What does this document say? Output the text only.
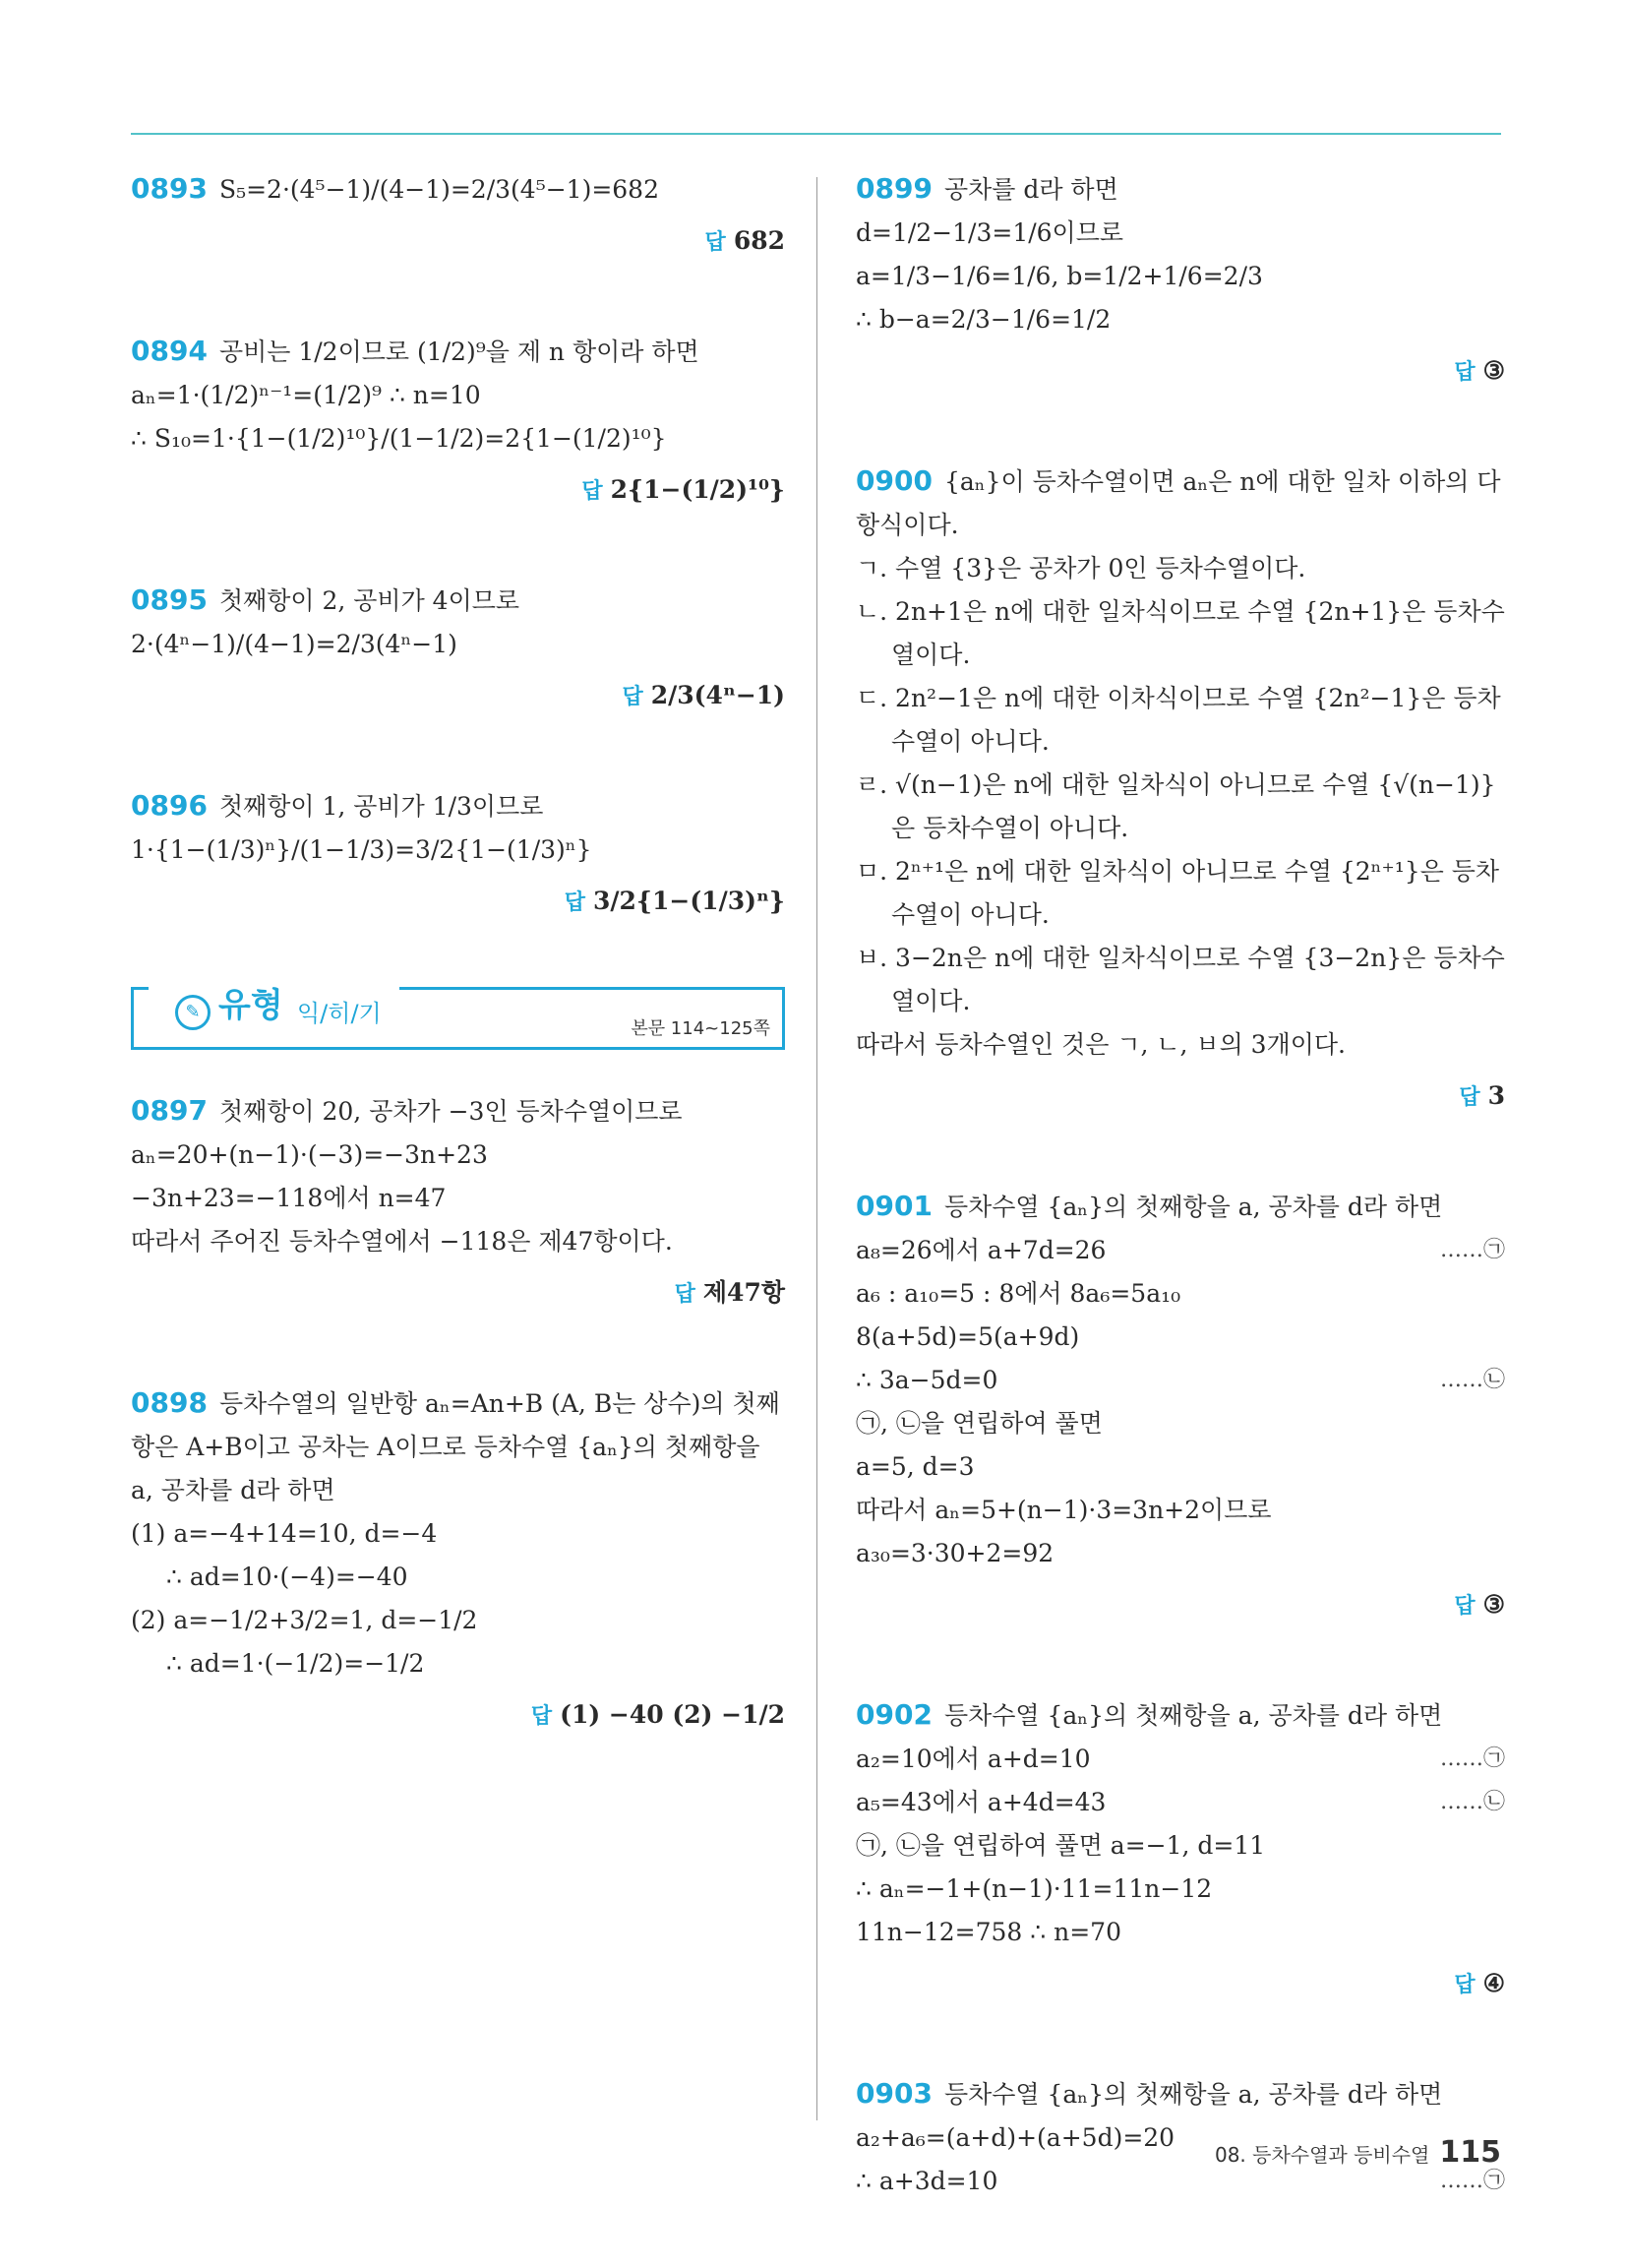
0893 S₅=2·(4⁵−1)/(4−1)=2/3(4⁵−1)=682
답 682
0894 공비는 1/2이므로 (1/2)⁹을 제 n 항이라 하면
aₙ=1·(1/2)ⁿ⁻¹=(1/2)⁹ ∴ n=10
∴ S₁₀=1·{1−(1/2)¹⁰}/(1−1/2)=2{1−(1/2)¹⁰}
답 2{1−(1/2)¹⁰}
0895 첫째항이 2, 공비가 4이므로
2·(4ⁿ−1)/(4−1)=2/3(4ⁿ−1)
답 2/3(4ⁿ−1)
0896 첫째항이 1, 공비가 1/3이므로
1·{1−(1/3)ⁿ}/(1−1/3)=3/2{1−(1/3)ⁿ}
답 3/2{1−(1/3)ⁿ}
✎ 유형 익/히/기
본문 114~125쪽
0897 첫째항이 20, 공차가 −3인 등차수열이므로
aₙ=20+(n−1)·(−3)=−3n+23
−3n+23=−118에서 n=47
따라서 주어진 등차수열에서 −118은 제47항이다.
답 제47항
0898 등차수열의 일반항 aₙ=An+B (A, B는 상수)의 첫째항은 A+B이고 공차는 A이므로 등차수열 {aₙ}의 첫째항을 a, 공차를 d라 하면
(1) a=−4+14=10, d=−4
∴ ad=10·(−4)=−40
(2) a=−1/2+3/2=1, d=−1/2
∴ ad=1·(−1/2)=−1/2
답 (1) −40 (2) −1/2
0899 공차를 d라 하면
d=1/2−1/3=1/6이므로
a=1/3−1/6=1/6, b=1/2+1/6=2/3
∴ b−a=2/3−1/6=1/2
답 ③
0900 {aₙ}이 등차수열이면 aₙ은 n에 대한 일차 이하의 다항식이다.
ㄱ. 수열 {3}은 공차가 0인 등차수열이다.
ㄴ. 2n+1은 n에 대한 일차식이므로 수열 {2n+1}은 등차수열이다.
ㄷ. 2n²−1은 n에 대한 이차식이므로 수열 {2n²−1}은 등차수열이 아니다.
ㄹ. √(n−1)은 n에 대한 일차식이 아니므로 수열 {√(n−1)}은 등차수열이 아니다.
ㅁ. 2ⁿ⁺¹은 n에 대한 일차식이 아니므로 수열 {2ⁿ⁺¹}은 등차수열이 아니다.
ㅂ. 3−2n은 n에 대한 일차식이므로 수열 {3−2n}은 등차수열이다.
따라서 등차수열인 것은 ㄱ, ㄴ, ㅂ의 3개이다.
답 3
0901 등차수열 {aₙ}의 첫째항을 a, 공차를 d라 하면
a₈=26에서 a+7d=26	……㉠
a₆ : a₁₀=5 : 8에서 8a₆=5a₁₀
8(a+5d)=5(a+9d)
∴ 3a−5d=0	……㉡
㉠, ㉡을 연립하여 풀면
a=5, d=3
따라서 aₙ=5+(n−1)·3=3n+2이므로
a₃₀=3·30+2=92
답 ③
0902 등차수열 {aₙ}의 첫째항을 a, 공차를 d라 하면
a₂=10에서 a+d=10	……㉠
a₅=43에서 a+4d=43	……㉡
㉠, ㉡을 연립하여 풀면 a=−1, d=11
∴ aₙ=−1+(n−1)·11=11n−12
11n−12=758 ∴ n=70
답 ④
0903 등차수열 {aₙ}의 첫째항을 a, 공차를 d라 하면
a₂+a₆=(a+d)+(a+5d)=20
∴ a+3d=10	……㉠
08. 등차수열과 등비수열 115
